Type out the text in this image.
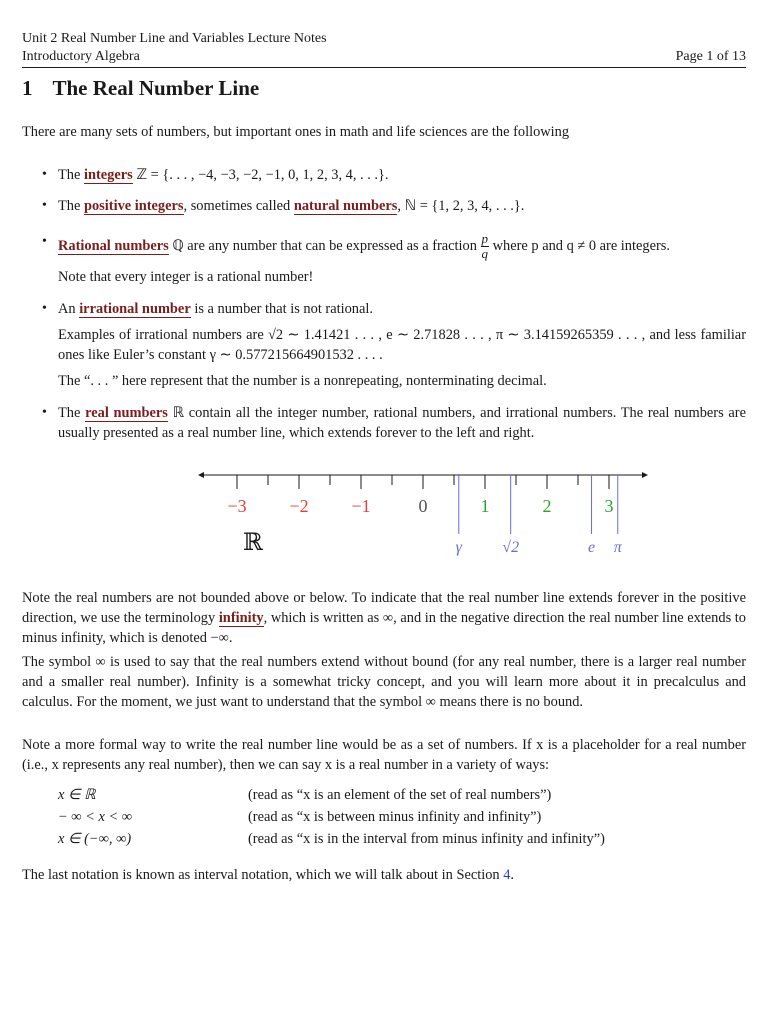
Unit 2 Real Number Line and Variables Lecture Notes
Introductory Algebra	Page 1 of 13
1 The Real Number Line

There are many sets of numbers, but important ones in math and life sciences are the following

• The integers ℤ = {. . . , −4, −3, −2, −1, 0, 1, 2, 3, 4, . . .}.
• The positive integers, sometimes called natural numbers, ℕ = {1, 2, 3, 4, . . .}.
• Rational numbers ℚ are any number that can be expressed as a fraction $\frac{p}{q}$ where p and q ≠ 0 are integers.

Note that every integer is a rational number!

• An irrational number is a number that is not rational.

Examples of irrational numbers are √2 ∼ 1.41421 . . . , e ∼ 2.71828 . . . , π ∼ 3.14159265359 . . . , and less familiar ones like Euler’s constant γ ∼ 0.577215664901532 . . . .

The “. . . ” here represent that the number is a nonrepeating, nonterminating decimal.

• The real numbers ℝ contain all the integer number, rational numbers, and irrational numbers. The real numbers are usually presented as a real number line, which extends forever to the left and right.
−3 −2 −1	0	1	2	3
γ	√2	e π
ℝ

Note the real numbers are not bounded above or below. To indicate that the real number line extends forever in the positive direction, we use the terminology infinity, which is written as ∞, and in the negative direction the real number line extends to minus infinity, which is denoted −∞.

The symbol ∞ is used to say that the real numbers extend without bound (for any real number, there is a larger real number and a smaller real number). Infinity is a somewhat tricky concept, and you will learn more about it in precalculus and calculus. For the moment, we just want to understand that the symbol ∞ means there is no bound.

Note a more formal way to write the real number line would be as a set of numbers. If x is a placeholder for a real number (i.e., x represents any real number), then we can say x is a real number in a variety of ways:

x ∈ ℝ	(read as “x is an element of the set of real numbers”)
− ∞ < x < ∞	(read as “x is between minus infinity and infinity”)
x ∈ (−∞, ∞)	(read as “x is in the interval from minus infinity and infinity”)

The last notation is known as interval notation, which we will talk about in Section 4.
